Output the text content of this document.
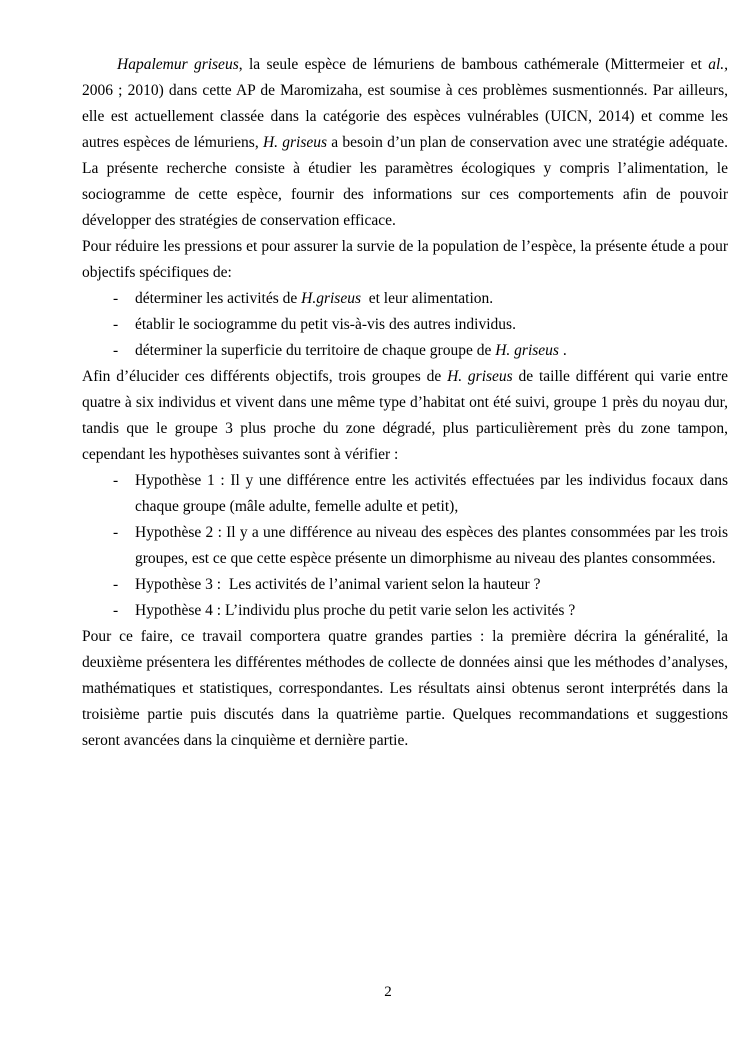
Hapalemur griseus, la seule espèce de lémuriens de bambous cathémerale (Mittermeier et al., 2006 ; 2010) dans cette AP de Maromizaha, est soumise à ces problèmes susmentionnés. Par ailleurs, elle est actuellement classée dans la catégorie des espèces vulnérables (UICN, 2014) et comme les autres espèces de lémuriens, H. griseus a besoin d’un plan de conservation avec une stratégie adéquate. La présente recherche consiste à étudier les paramètres écologiques y compris l’alimentation, le sociogramme de cette espèce, fournir des informations sur ces comportements afin de pouvoir développer des stratégies de conservation efficace.

Pour réduire les pressions et pour assurer la survie de la population de l’espèce, la présente étude a pour objectifs spécifiques de:

-	déterminer les activités de H.griseus  et leur alimentation.
-	établir le sociogramme du petit vis-à-vis des autres individus.
-	déterminer la superficie du territoire de chaque groupe de H. griseus .

Afin d’élucider ces différents objectifs, trois groupes de H. griseus de taille différent qui varie entre quatre à six individus et vivent dans une même type d’habitat ont été suivi, groupe 1 près du noyau dur, tandis que le groupe 3 plus proche du zone dégradé, plus particulièrement près du zone tampon, cependant les hypothèses suivantes sont à vérifier :

-	Hypothèse 1 : Il y une différence entre les activités effectuées par les individus focaux dans chaque groupe (mâle adulte, femelle adulte et petit),
-	Hypothèse 2 : Il y a une différence au niveau des espèces des plantes consommées par les trois groupes, est ce que cette espèce présente un dimorphisme au niveau des plantes consommées.
-	Hypothèse 3 :  Les activités de l’animal varient selon la hauteur ?
-	Hypothèse 4 : L’individu plus proche du petit varie selon les activités ?

Pour ce faire, ce travail comportera quatre grandes parties : la première décrira la généralité, la deuxième présentera les différentes méthodes de collecte de données ainsi que les méthodes d’analyses, mathématiques et statistiques, correspondantes. Les résultats ainsi obtenus seront interprétés dans la troisième partie puis discutés dans la quatrième partie. Quelques recommandations et suggestions seront avancées dans la cinquième et dernière partie.

2
